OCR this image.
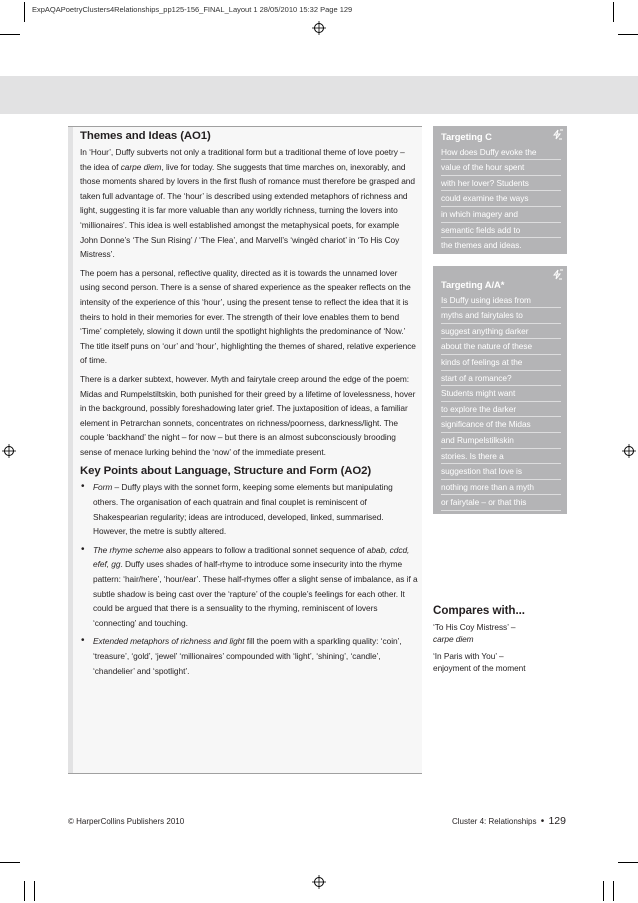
ExpAQAPoetryClusters4Relationships_pp125-156_FINAL_Layout 1 28/05/2010 15:32 Page 129
Themes and Ideas (AO1)

In ‘Hour’, Duffy subverts not only a traditional form but a traditional theme of love poetry – the idea of carpe diem, live for today. She suggests that time marches on, inexorably, and those moments shared by lovers in the first flush of romance must therefore be grasped and taken full advantage of. The ‘hour’ is described using extended metaphors of richness and light, suggesting it is far more valuable than any worldly richness, turning the lovers into ‘millionaires’. This idea is well established amongst the metaphysical poets, for example John Donne’s ‘The Sun Rising’ / ‘The Flea’, and Marvell’s ‘wingèd chariot’ in ‘To His Coy Mistress’.

The poem has a personal, reflective quality, directed as it is towards the unnamed lover using second person. There is a sense of shared experience as the speaker reflects on the intensity of the experience of this ‘hour’, using the present tense to reflect the idea that it is theirs to hold in their memories for ever. The strength of their love enables them to bend ‘Time’ completely, slowing it down until the spotlight highlights the predominance of ‘Now.’ The title itself puns on ‘our’ and ‘hour’, highlighting the themes of shared, relative experience of time.

There is a darker subtext, however. Myth and fairytale creep around the edge of the poem: Midas and Rumpelstiltskin, both punished for their greed by a lifetime of lovelessness, hover in the background, possibly foreshadowing later grief. The juxtaposition of ideas, a familiar element in Petrarchan sonnets, concentrates on richness/poorness, darkness/light. The couple ‘backhand’ the night – for now – but there is an almost subconsciously brooding sense of menace lurking behind the ‘now’ of the immediate present.

Key Points about Language, Structure and Form (AO2)
• Form – Duffy plays with the sonnet form, keeping some elements but manipulating others. The organisation of each quatrain and final couplet is reminiscent of Shakespearian regularity; ideas are introduced, developed, linked, summarised. However, the metre is subtly altered.
• The rhyme scheme also appears to follow a traditional sonnet sequence of abab, cdcd, efef, gg. Duffy uses shades of half-rhyme to introduce some insecurity into the rhyme pattern: ‘hair/here’, ‘hour/ear’. These half-rhymes offer a slight sense of imbalance, as if a subtle shadow is being cast over the ‘rapture’ of the couple’s feelings for each other. It could be argued that there is a sensuality to the rhyming, reminiscent of lovers ‘connecting’ and touching.
• Extended metaphors of richness and light fill the poem with a sparkling quality: ‘coin’, ‘treasure’, ‘gold’, ‘jewel’ ‘millionaires’ compounded with ‘light’, ‘shining’, ‘candle’, ‘chandelier’ and ‘spotlight’.

Targeting C

How does Duffy evoke the

value of the hour spent

with her lover? Students

could examine the ways

in which imagery and

semantic fields add to

the themes and ideas.

Targeting A/A*

Is Duffy using ideas from

myths and fairytales to

suggest anything darker

about the nature of these

kinds of feelings at the

start of a romance?

Students might want

to explore the darker

significance of the Midas

and Rumpelstilkskin

stories. Is there a

suggestion that love is

nothing more than a myth

or fairytale – or that this

hour can’t last?

Compares with...

‘To His Coy Mistress’ –
carpe diem

‘In Paris with You’ –
enjoyment of the moment

© HarperCollins Publishers 2010	Cluster 4: Relationships • 129
